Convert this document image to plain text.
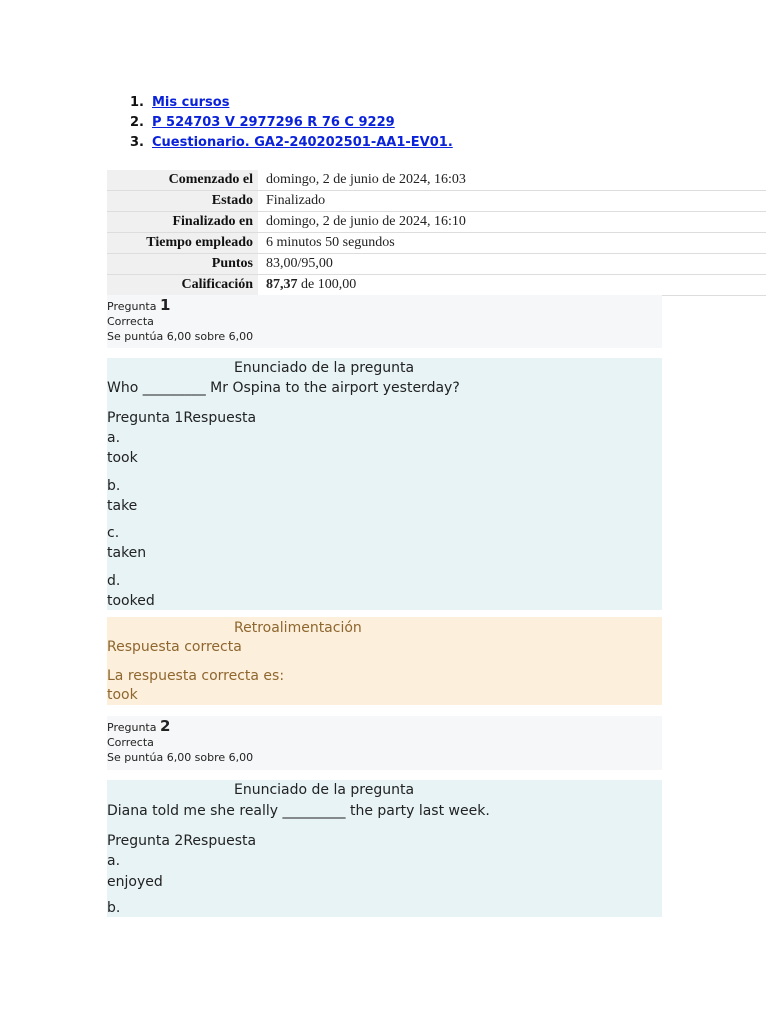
1. Mis cursos
2. P 524703 V 2977296 R 76 C 9229
3. Cuestionario. GA2-240202501-AA1-EV01.
Comenzado el	domingo, 2 de junio de 2024, 16:03
Estado	Finalizado
Finalizado en	domingo, 2 de junio de 2024, 16:10
Tiempo empleado	6 minutos 50 segundos
Puntos	83,00/95,00
Calificación	87,37 de 100,00
Pregunta 1
Correcta
Se puntúa 6,00 sobre 6,00
Enunciado de la pregunta
Who _________ Mr Ospina to the airport yesterday?
Pregunta 1Respuesta
a.
took
b.
take
c.
taken
d.
tooked
Retroalimentación
Respuesta correcta
La respuesta correcta es:
took
Pregunta 2
Correcta
Se puntúa 6,00 sobre 6,00
Enunciado de la pregunta
Diana told me she really _________ the party last week.
Pregunta 2Respuesta
a.
enjoyed
b.
